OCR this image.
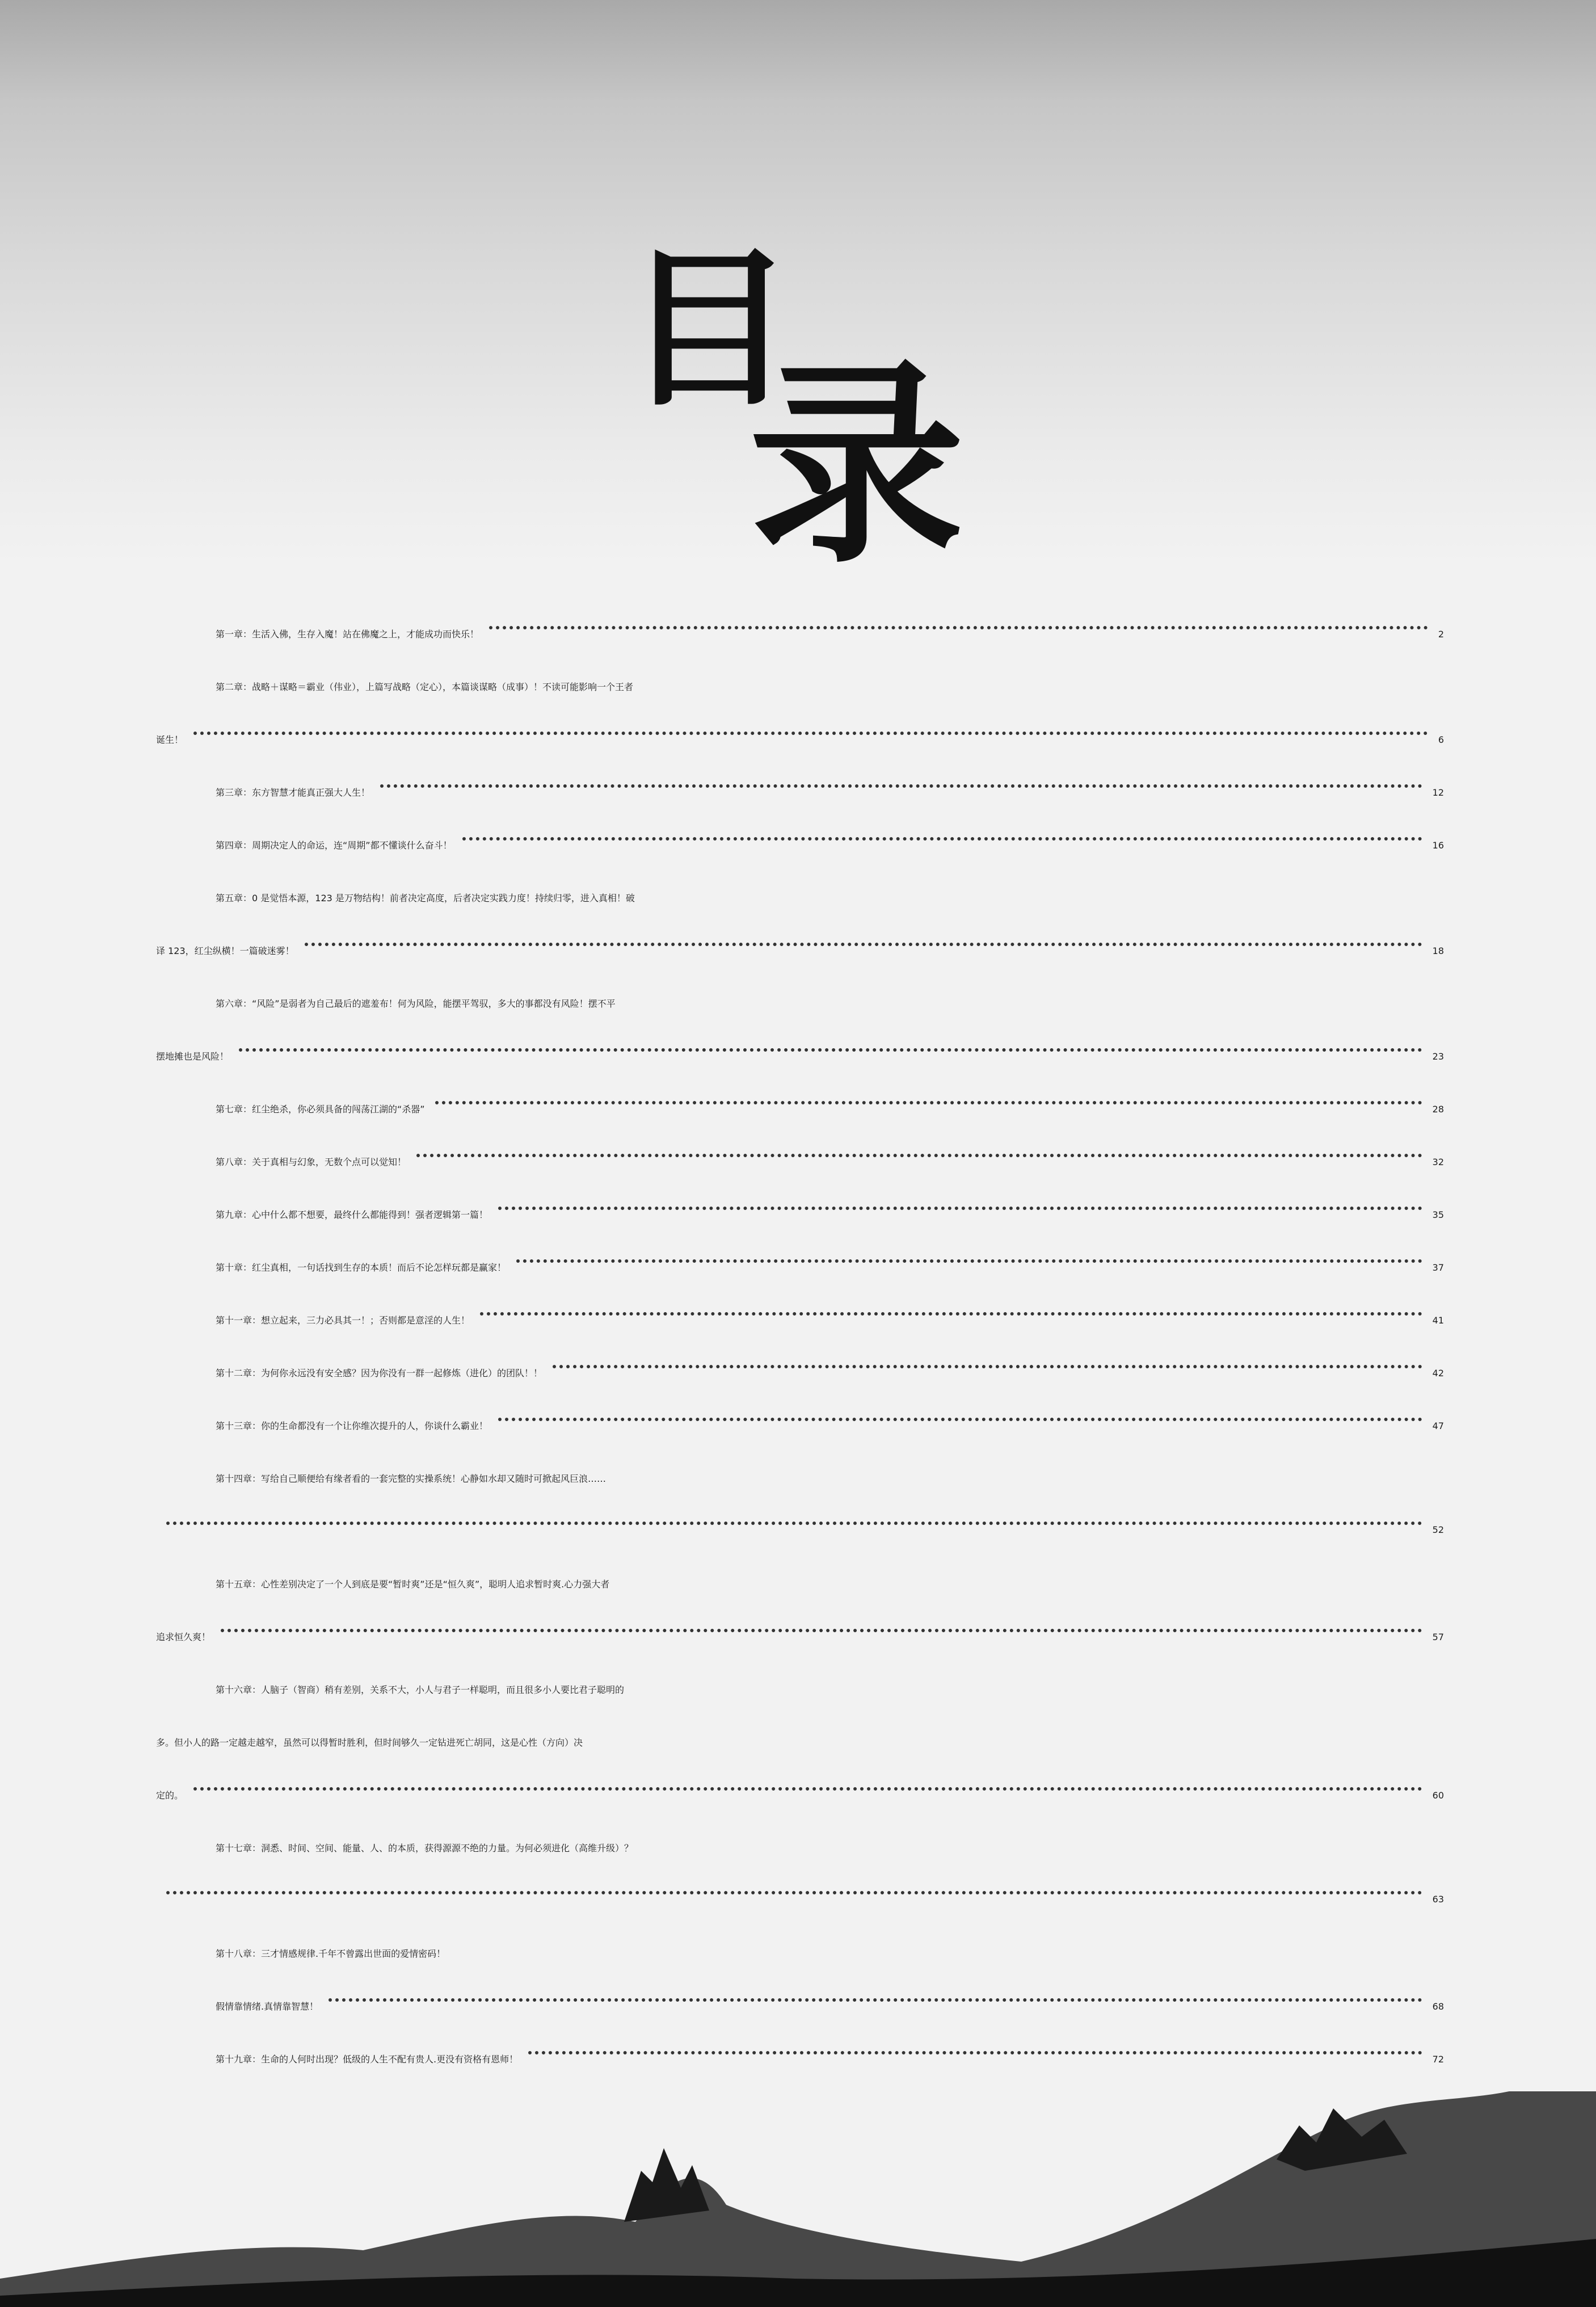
目
录
第一章：生活入佛，生存入魔！站在佛魔之上，才能成功而快乐！	2
第二章：战略＋谋略＝霸业（伟业），上篇写战略（定心），本篇谈谋略（成事）！不读可能影响一个王者
诞生！	6
第三章：东方智慧才能真正强大人生！	12
第四章：周期决定人的命运，连“周期”都不懂谈什么奋斗！	16
第五章：0 是觉悟本源，123 是万物结构！前者决定高度，后者决定实践力度！持续归零，进入真相！破
译 123，红尘纵横！一篇破迷雾！	18
第六章：“风险”是弱者为自己最后的遮羞布！何为风险，能摆平驾驭，多大的事都没有风险！摆不平
摆地摊也是风险！	23
第七章：红尘绝杀，你必须具备的闯荡江湖的“杀器”	28
第八章：关于真相与幻象，无数个点可以觉知！	32
第九章：心中什么都不想要，最终什么都能得到！强者逻辑第一篇！	35
第十章：红尘真相，一句话找到生存的本质！而后不论怎样玩都是赢家！	37
第十一章：想立起来，三力必具其一！；否则都是意淫的人生！	41
第十二章：为何你永远没有安全感？因为你没有一群一起修炼（进化）的团队！！	42
第十三章：你的生命都没有一个让你维次提升的人，你谈什么霸业！	47
第十四章：写给自己顺便给有缘者看的一套完整的实操系统！心静如水却又随时可掀起风巨浪……
52
第十五章：心性差别决定了一个人到底是要“暂时爽”还是“恒久爽”，聪明人追求暂时爽.心力强大者
追求恒久爽！	57
第十六章：人脑子（智商）稍有差别，关系不大，小人与君子一样聪明，而且很多小人要比君子聪明的
多。但小人的路一定越走越窄，虽然可以得暂时胜利，但时间够久一定钻进死亡胡同，这是心性（方向）决
定的。	60
第十七章：洞悉、时间、空间、能量、人、的本质，获得源源不绝的力量。为何必须进化（高维升级）？
63
第十八章：三才情感规律.千年不曾露出世面的爱情密码！
假情靠情绪.真情靠智慧！	68
第十九章：生命的人何时出现？低级的人生不配有贵人.更没有资格有恩师！	72
